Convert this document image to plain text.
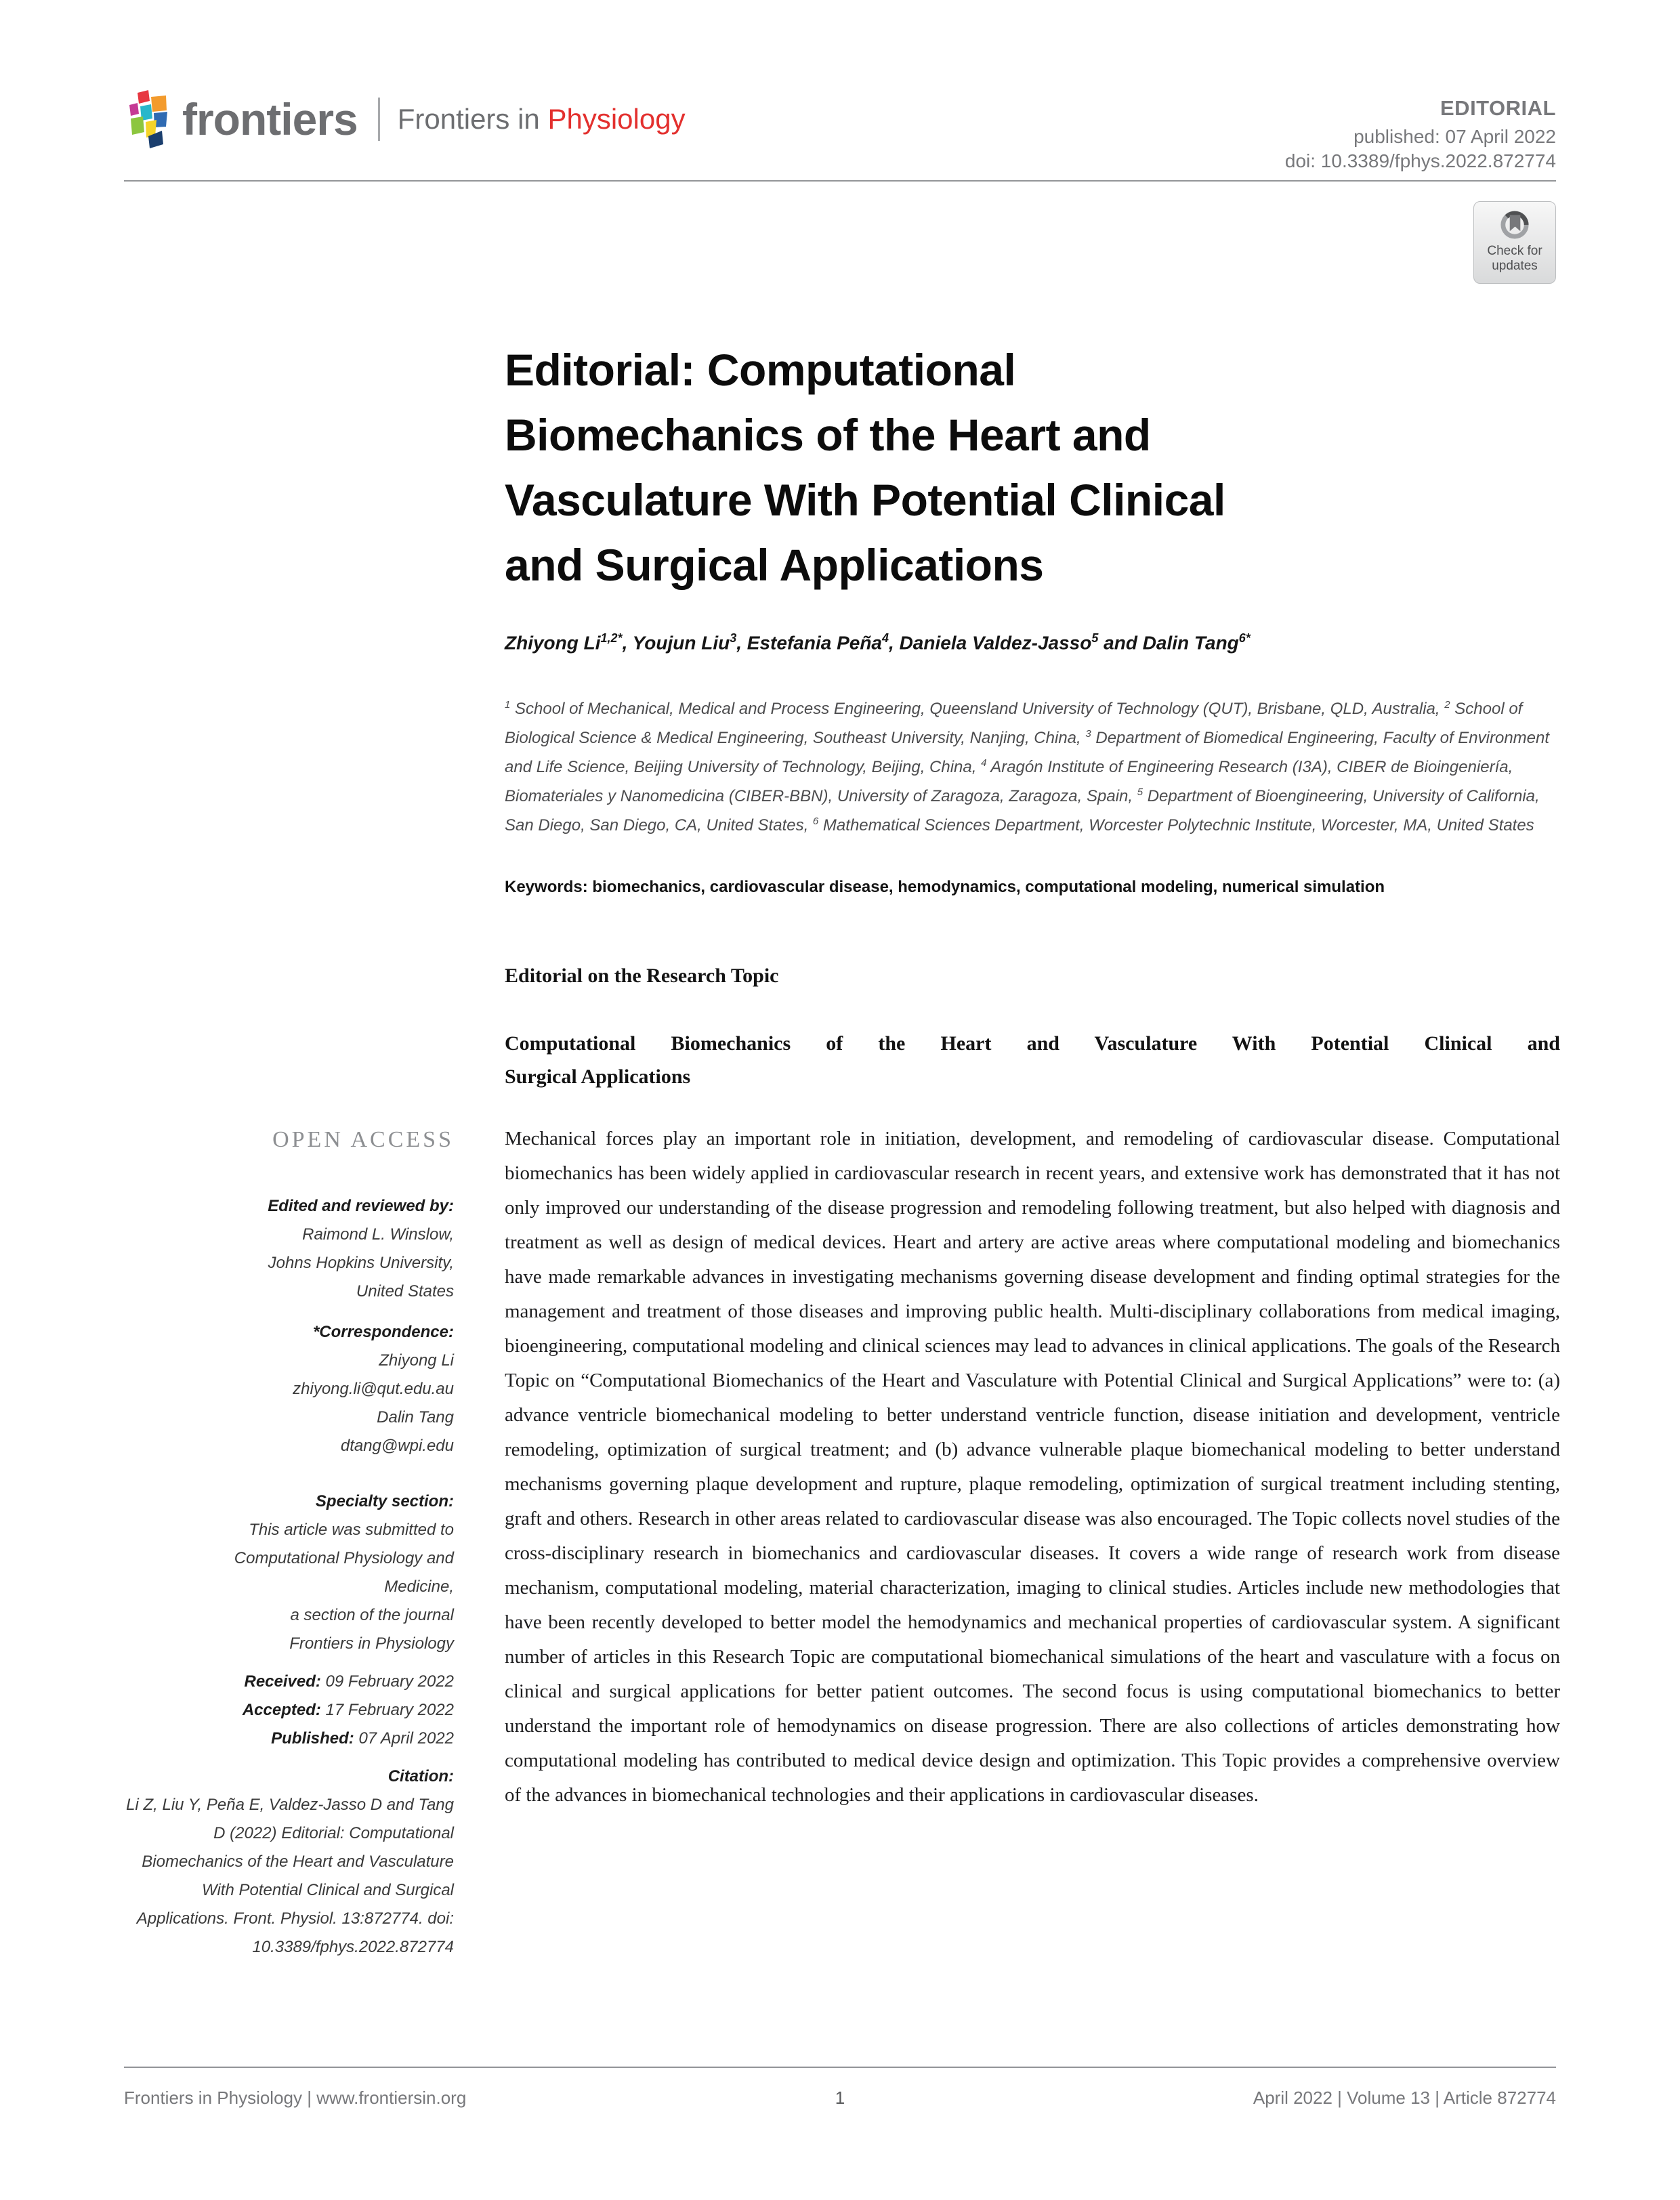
frontiers Frontiers in Physiology	EDITORIAL
published: 07 April 2022
doi: 10.3389/fphys.2022.872774
Check for
updates
Editorial: Computational
Biomechanics of the Heart and
Vasculature With Potential Clinical
and Surgical Applications
Zhiyong $Li^{1,2*}$, Youjun Liu$^3$, Estefania Peña$^4$, Daniela Valdez-Jasso$^5$ and Dalin Tang$^{6*}$
$^1$ School of Mechanical, Medical and Process Engineering, Queensland University of Technology (QUT), Brisbane, QLD, Australia, $^2$ School of Biological Science & Medical Engineering, Southeast University, Nanjing, China, $^3$ Department of Biomedical Engineering, Faculty of Environment and Life Science, Beijing University of Technology, Beijing, China, $^4$ Aragón Institute of Engineering Research (I3A), CIBER de Bioingeniería, Biomateriales y Nanomedicina (CIBER-BBN), University of Zaragoza, Zaragoza, Spain, $^5$ Department of Bioengineering, University of California, San Diego, San Diego, CA, United States, $^6$ Mathematical Sciences Department, Worcester Polytechnic Institute, Worcester, MA, United States
Keywords: biomechanics, cardiovascular disease, hemodynamics, computational modeling, numerical simulation
Editorial on the Research Topic
Computational Biomechanics of the Heart and Vasculature With Potential Clinical and
Surgical Applications
Mechanical forces play an important role in initiation, development, and remodeling of cardiovascular disease. Computational biomechanics has been widely applied in cardiovascular research in recent years, and extensive work has demonstrated that it has not only improved our understanding of the disease progression and remodeling following treatment, but also helped with diagnosis and treatment as well as design of medical devices. Heart and artery are active areas where computational modeling and biomechanics have made remarkable advances in investigating mechanisms governing disease development and finding optimal strategies for the management and treatment of those diseases and improving public health. Multi-disciplinary collaborations from medical imaging, bioengineering, computational modeling and clinical sciences may lead to advances in clinical applications. The goals of the Research Topic on “Computational Biomechanics of the Heart and Vasculature with Potential Clinical and Surgical Applications” were to: (a) advance ventricle biomechanical modeling to better understand ventricle function, disease initiation and development, ventricle remodeling, optimization of surgical treatment; and (b) advance vulnerable plaque biomechanical modeling to better understand mechanisms governing plaque development and rupture, plaque remodeling, optimization of surgical treatment including stenting, graft and others. Research in other areas related to cardiovascular disease was also encouraged. The Topic collects novel studies of the cross-disciplinary research in biomechanics and cardiovascular diseases. It covers a wide range of research work from disease mechanism, computational modeling, material characterization, imaging to clinical studies. Articles include new methodologies that have been recently developed to better model the hemodynamics and mechanical properties of cardiovascular system. A significant number of articles in this Research Topic are computational biomechanical simulations of the heart and vasculature with a focus on clinical and surgical applications for better patient outcomes. The second focus is using computational biomechanics to better understand the important role of hemodynamics on disease progression. There are also collections of articles demonstrating how computational modeling has contributed to medical device design and optimization. This Topic provides a comprehensive overview of the advances in biomechanical technologies and their applications in cardiovascular diseases.
OPEN ACCESS
Edited and reviewed by:
Raimond L. Winslow,
Johns Hopkins University,
United States
*Correspondence:
Zhiyong Li
zhiyong.li@qut.edu.au
Dalin Tang
dtang@wpi.edu
Specialty section:
This article was submitted to
Computational Physiology and
Medicine,
a section of the journal
Frontiers in Physiology
Received: 09 February 2022
Accepted: 17 February 2022
Published: 07 April 2022
Citation:
Li Z, Liu Y, Peña E, Valdez-Jasso D and Tang D (2022) Editorial: Computational Biomechanics of the Heart and Vasculature With Potential Clinical and Surgical Applications. Front. Physiol. 13:872774. doi: 10.3389/fphys.2022.872774
Frontiers in Physiology | www.frontiersin.org	1	April 2022 | Volume 13 | Article 872774
